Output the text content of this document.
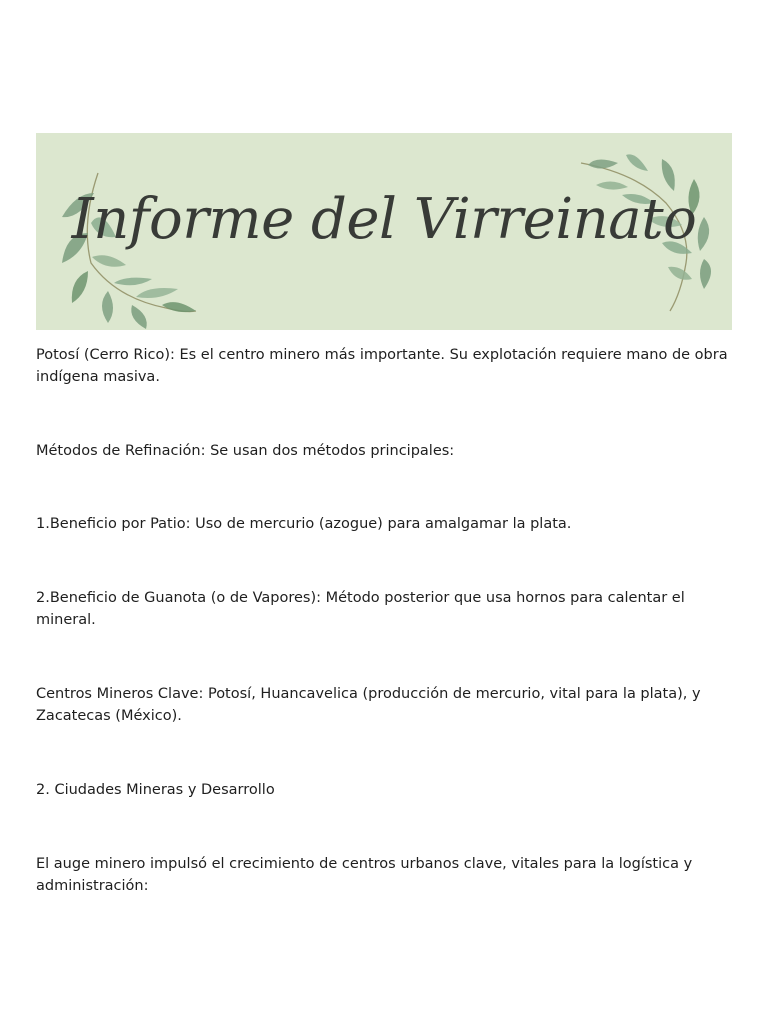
Informe del Virreinato
Potosí (Cerro Rico): Es el centro minero más importante. Su explotación requiere mano de obra indígena masiva.
Métodos de Refinación: Se usan dos métodos principales:
1.Beneficio por Patio: Uso de mercurio (azogue) para amalgamar la plata.
2.Beneficio de Guanota (o de Vapores): Método posterior que usa hornos para calentar el mineral.
Centros Mineros Clave: Potosí, Huancavelica (producción de mercurio, vital para la plata), y Zacatecas (México).
2. Ciudades Mineras y Desarrollo
El auge minero impulsó el crecimiento de centros urbanos clave, vitales para la logística y administración:
